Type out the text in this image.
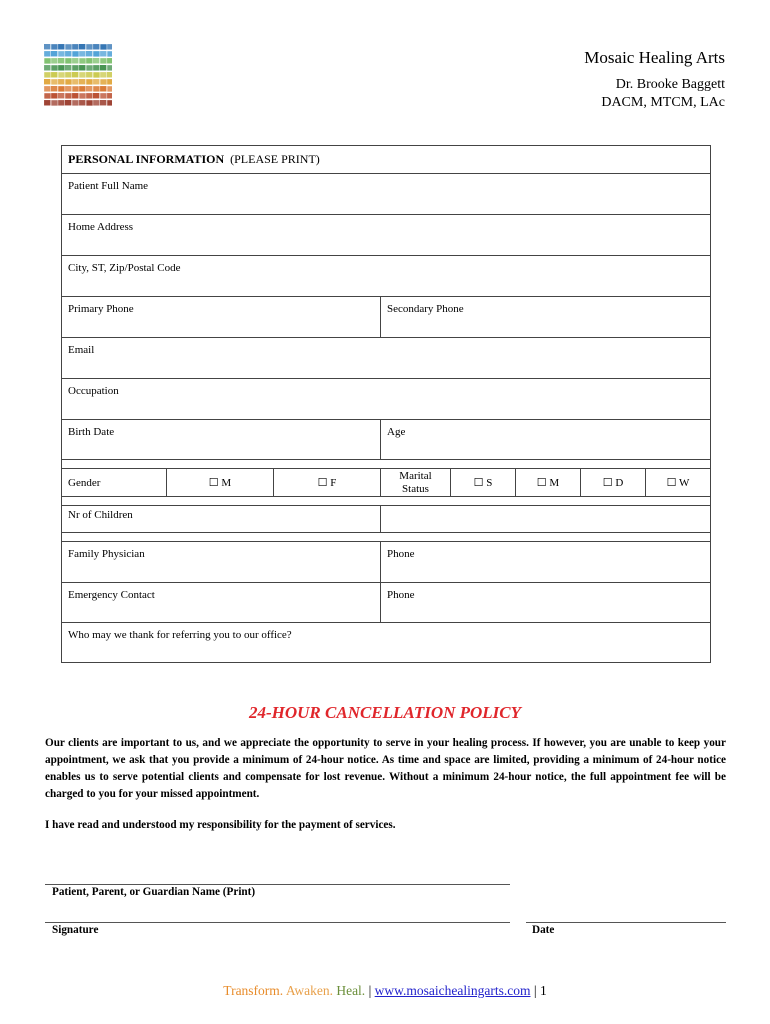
Mosaic Healing Arts
Dr. Brooke Baggett
DACM, MTCM, LAc
PERSONAL INFORMATION (PLEASE PRINT)							
Patient Full Name							
Home Address							
City, ST, Zip/Postal Code							
Primary Phone			Secondary Phone				
Email							
Occupation							
Birth Date			Age				

Gender	☐ M	☐ F	Marital Status	☐ S	☐ M	☐ D	☐ W

Nr of Children							

Family Physician			Phone				
Emergency Contact			Phone				
Who may we thank for referring you to our office?							
24-HOUR CANCELLATION POLICY
Our clients are important to us, and we appreciate the opportunity to serve in your healing process. If however, you are unable to keep your appointment, we ask that you provide a minimum of 24-hour notice. As time and space are limited, providing a minimum of 24-hour notice enables us to serve potential clients and compensate for lost revenue. Without a minimum 24-hour notice, the full appointment fee will be charged to you for your missed appointment.
I have read and understood my responsibility for the payment of services.
Patient, Parent, or Guardian Name (Print)
Signature	Date
Transform. Awaken. Heal. | www.mosaichealingarts.com | 1
